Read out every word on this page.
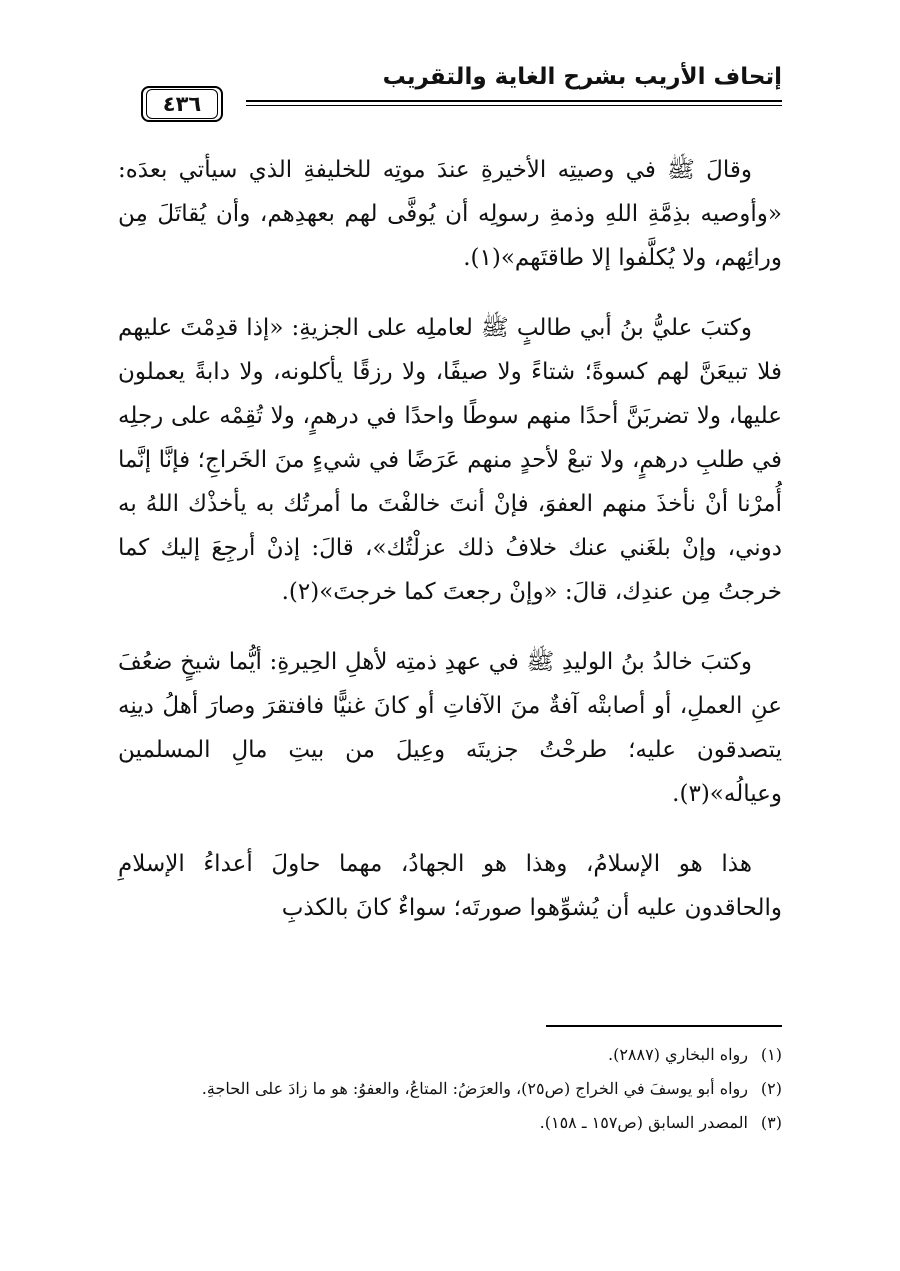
إتحاف الأريب بشرح الغاية والتقريب
٤٣٦

وقالَ ﷺ في وصيتِه الأخيرةِ عندَ موتِه للخليفةِ الذي سيأتي بعدَه: «وأوصيه بذِمَّةِ اللهِ وذمةِ رسولِه أن يُوفَّى لهم بعهدِهم، وأن يُقاتَلَ مِن ورائِهم، ولا يُكلَّفوا إلا طاقتَهم»(١).

وكتبَ عليُّ بنُ أبي طالبٍ ﷺ لعاملِه على الجزيةِ: «إذا قدِمْتَ عليهم فلا تبيعَنَّ لهم كسوةً؛ شتاءً ولا صيفًا، ولا رزقًا يأكلونه، ولا دابةً يعملون عليها، ولا تضربَنَّ أحدًا منهم سوطًا واحدًا في درهمٍ، ولا تُقِمْه على رجلِه في طلبِ درهمٍ، ولا تبعْ لأحدٍ منهم عَرَضًا في شيءٍ منَ الخَراجِ؛ فإنَّا إنَّما أُمرْنا أنْ نأخذَ منهم العفوَ، فإنْ أنتَ خالفْتَ ما أمرتُك به يأخذْك اللهُ به دوني، وإنْ بلغَني عنك خلافُ ذلك عزلْتُك»، قالَ: إذنْ أرجِعَ إليك كما خرجتُ مِن عندِك، قالَ: «وإنْ رجعتَ كما خرجتَ»(٢).

وكتبَ خالدُ بنُ الوليدِ ﷺ في عهدِ ذمتِه لأهلِ الحِيرةِ: أيُّما شيخٍ ضعُفَ عنِ العملِ، أو أصابتْه آفةٌ منَ الآفاتِ أو كانَ غنيًّا فافتقرَ وصارَ أهلُ دينِه يتصدقون عليه؛ طرحْتُ جزيتَه وعِيلَ من بيتِ مالِ المسلمين وعيالُه»(٣).

هذا هو الإسلامُ، وهذا هو الجهادُ، مهما حاولَ أعداءُ الإسلامِ والحاقدون عليه أن يُشوِّهوا صورتَه؛ سواءٌ كانَ بالكذبِ

(١)
رواه البخاري (٢٨٨٧).
(٢)
رواه أبو يوسفَ في الخراج (ص٢٥)، والعرَضُ: المتاعُ، والعفوُ: هو ما زادَ على الحاجةِ.
(٣)
المصدر السابق (ص١٥٧ ـ ١٥٨).
